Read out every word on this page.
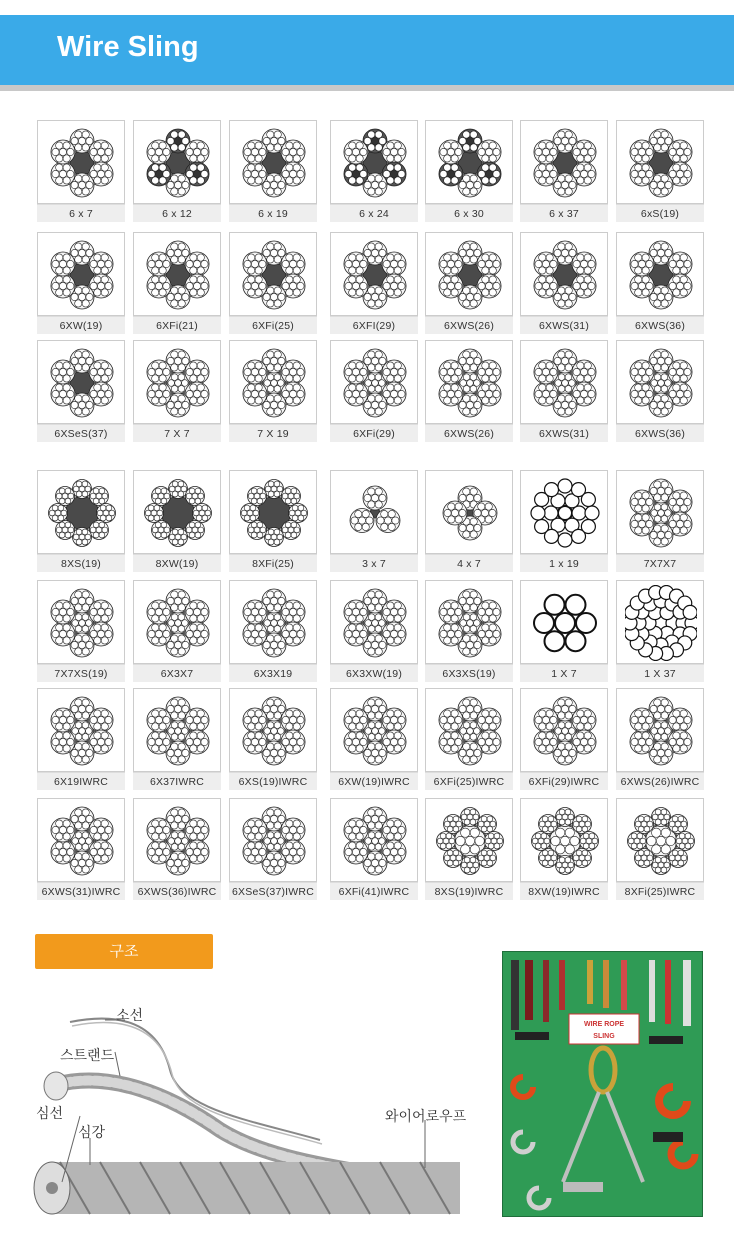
Wire Sling
6 x 7	6 x 12	6 x 19	6 x 24	6 x 30	6 x 37	6xS(19)
6XW(19)	6XFi(21)	6XFi(25)	6XFI(29)	6XWS(26)	6XWS(31)	6XWS(36)
6XSeS(37)	7 X 7	7 X 19	6XFi(29)	6XWS(26)	6XWS(31)	6XWS(36)
8XS(19)	8XW(19)	8XFi(25)	3 x 7	4 x 7	1 x 19	7X7X7
7X7XS(19)	6X3X7	6X3X19	6X3XW(19)	6X3XS(19)	1 X 7	1 X 37
6X19IWRC	6X37IWRC	6XS(19)IWRC	6XW(19)IWRC	6XFi(25)IWRC	6XFi(29)IWRC	6XWS(26)IWRC
6XWS(31)IWRC	6XWS(36)IWRC	6XSeS(37)IWRC	6XFi(41)IWRC	8XS(19)IWRC	8XW(19)IWRC	8XFi(25)IWRC
구조
소선
스트랜드
심선
심강
와이어로우프
WIRE ROPE
SLING
